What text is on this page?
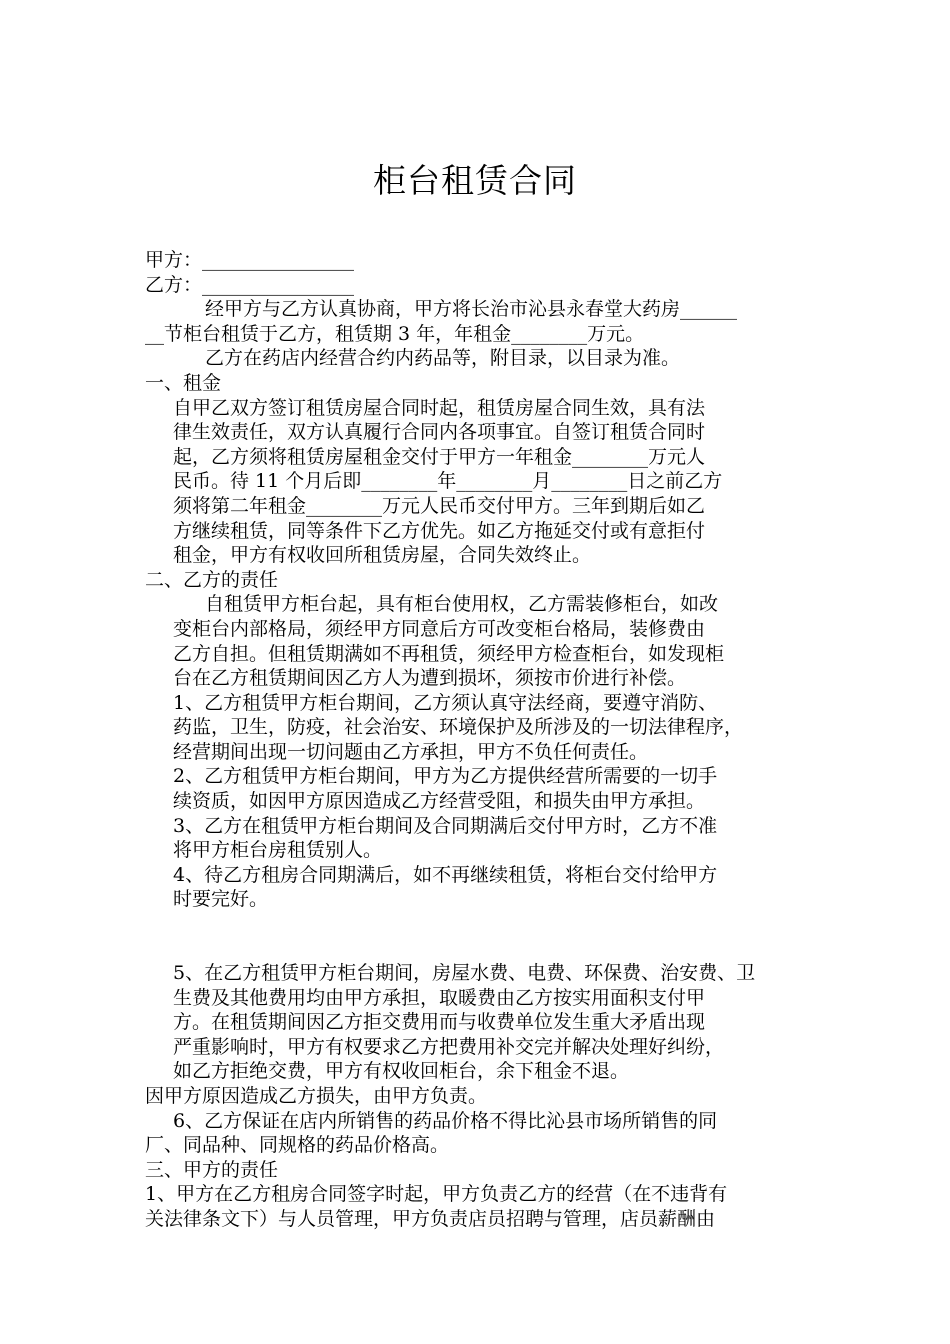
柜台租赁合同
甲方：________________
乙方：________________
经甲方与乙方认真协商，甲方将长治市沁县永春堂大药房______
__节柜台租赁于乙方，租赁期 3 年，年租金________万元。
乙方在药店内经营合约内药品等，附目录，以目录为准。
一、租金
自甲乙双方签订租赁房屋合同时起，租赁房屋合同生效，具有法
律生效责任，双方认真履行合同内各项事宜。自签订租赁合同时
起，乙方须将租赁房屋租金交付于甲方一年租金________万元人
民币。待 11 个月后即________年________月________日之前乙方
须将第二年租金________万元人民币交付甲方。三年到期后如乙
方继续租赁，同等条件下乙方优先。如乙方拖延交付或有意拒付
租金，甲方有权收回所租赁房屋，合同失效终止。
二、乙方的责任
自租赁甲方柜台起，具有柜台使用权，乙方需装修柜台，如改
变柜台内部格局，须经甲方同意后方可改变柜台格局，装修费由
乙方自担。但租赁期满如不再租赁，须经甲方检查柜台，如发现柜
台在乙方租赁期间因乙方人为遭到损坏，须按市价进行补偿。
1、乙方租赁甲方柜台期间，乙方须认真守法经商，要遵守消防、
药监，卫生，防疫，社会治安、环境保护及所涉及的一切法律程序，
经营期间出现一切问题由乙方承担，甲方不负任何责任。
2、乙方租赁甲方柜台期间，甲方为乙方提供经营所需要的一切手
续资质，如因甲方原因造成乙方经营受阻，和损失由甲方承担。
3、乙方在租赁甲方柜台期间及合同期满后交付甲方时，乙方不准
将甲方柜台房租赁别人。
4、待乙方租房合同期满后，如不再继续租赁，将柜台交付给甲方
时要完好。
5、在乙方租赁甲方柜台期间，房屋水费、电费、环保费、治安费、卫
生费及其他费用均由甲方承担，取暖费由乙方按实用面积支付甲
方。在租赁期间因乙方拒交费用而与收费单位发生重大矛盾出现
严重影响时，甲方有权要求乙方把费用补交完并解决处理好纠纷，
如乙方拒绝交费，甲方有权收回柜台，余下租金不退。
因甲方原因造成乙方损失，由甲方负责。
6、乙方保证在店内所销售的药品价格不得比沁县市场所销售的同
厂、同品种、同规格的药品价格高。
三、甲方的责任
1、甲方在乙方租房合同签字时起，甲方负责乙方的经营（在不违背有
关法律条文下）与人员管理，甲方负责店员招聘与管理，店员薪酬由
